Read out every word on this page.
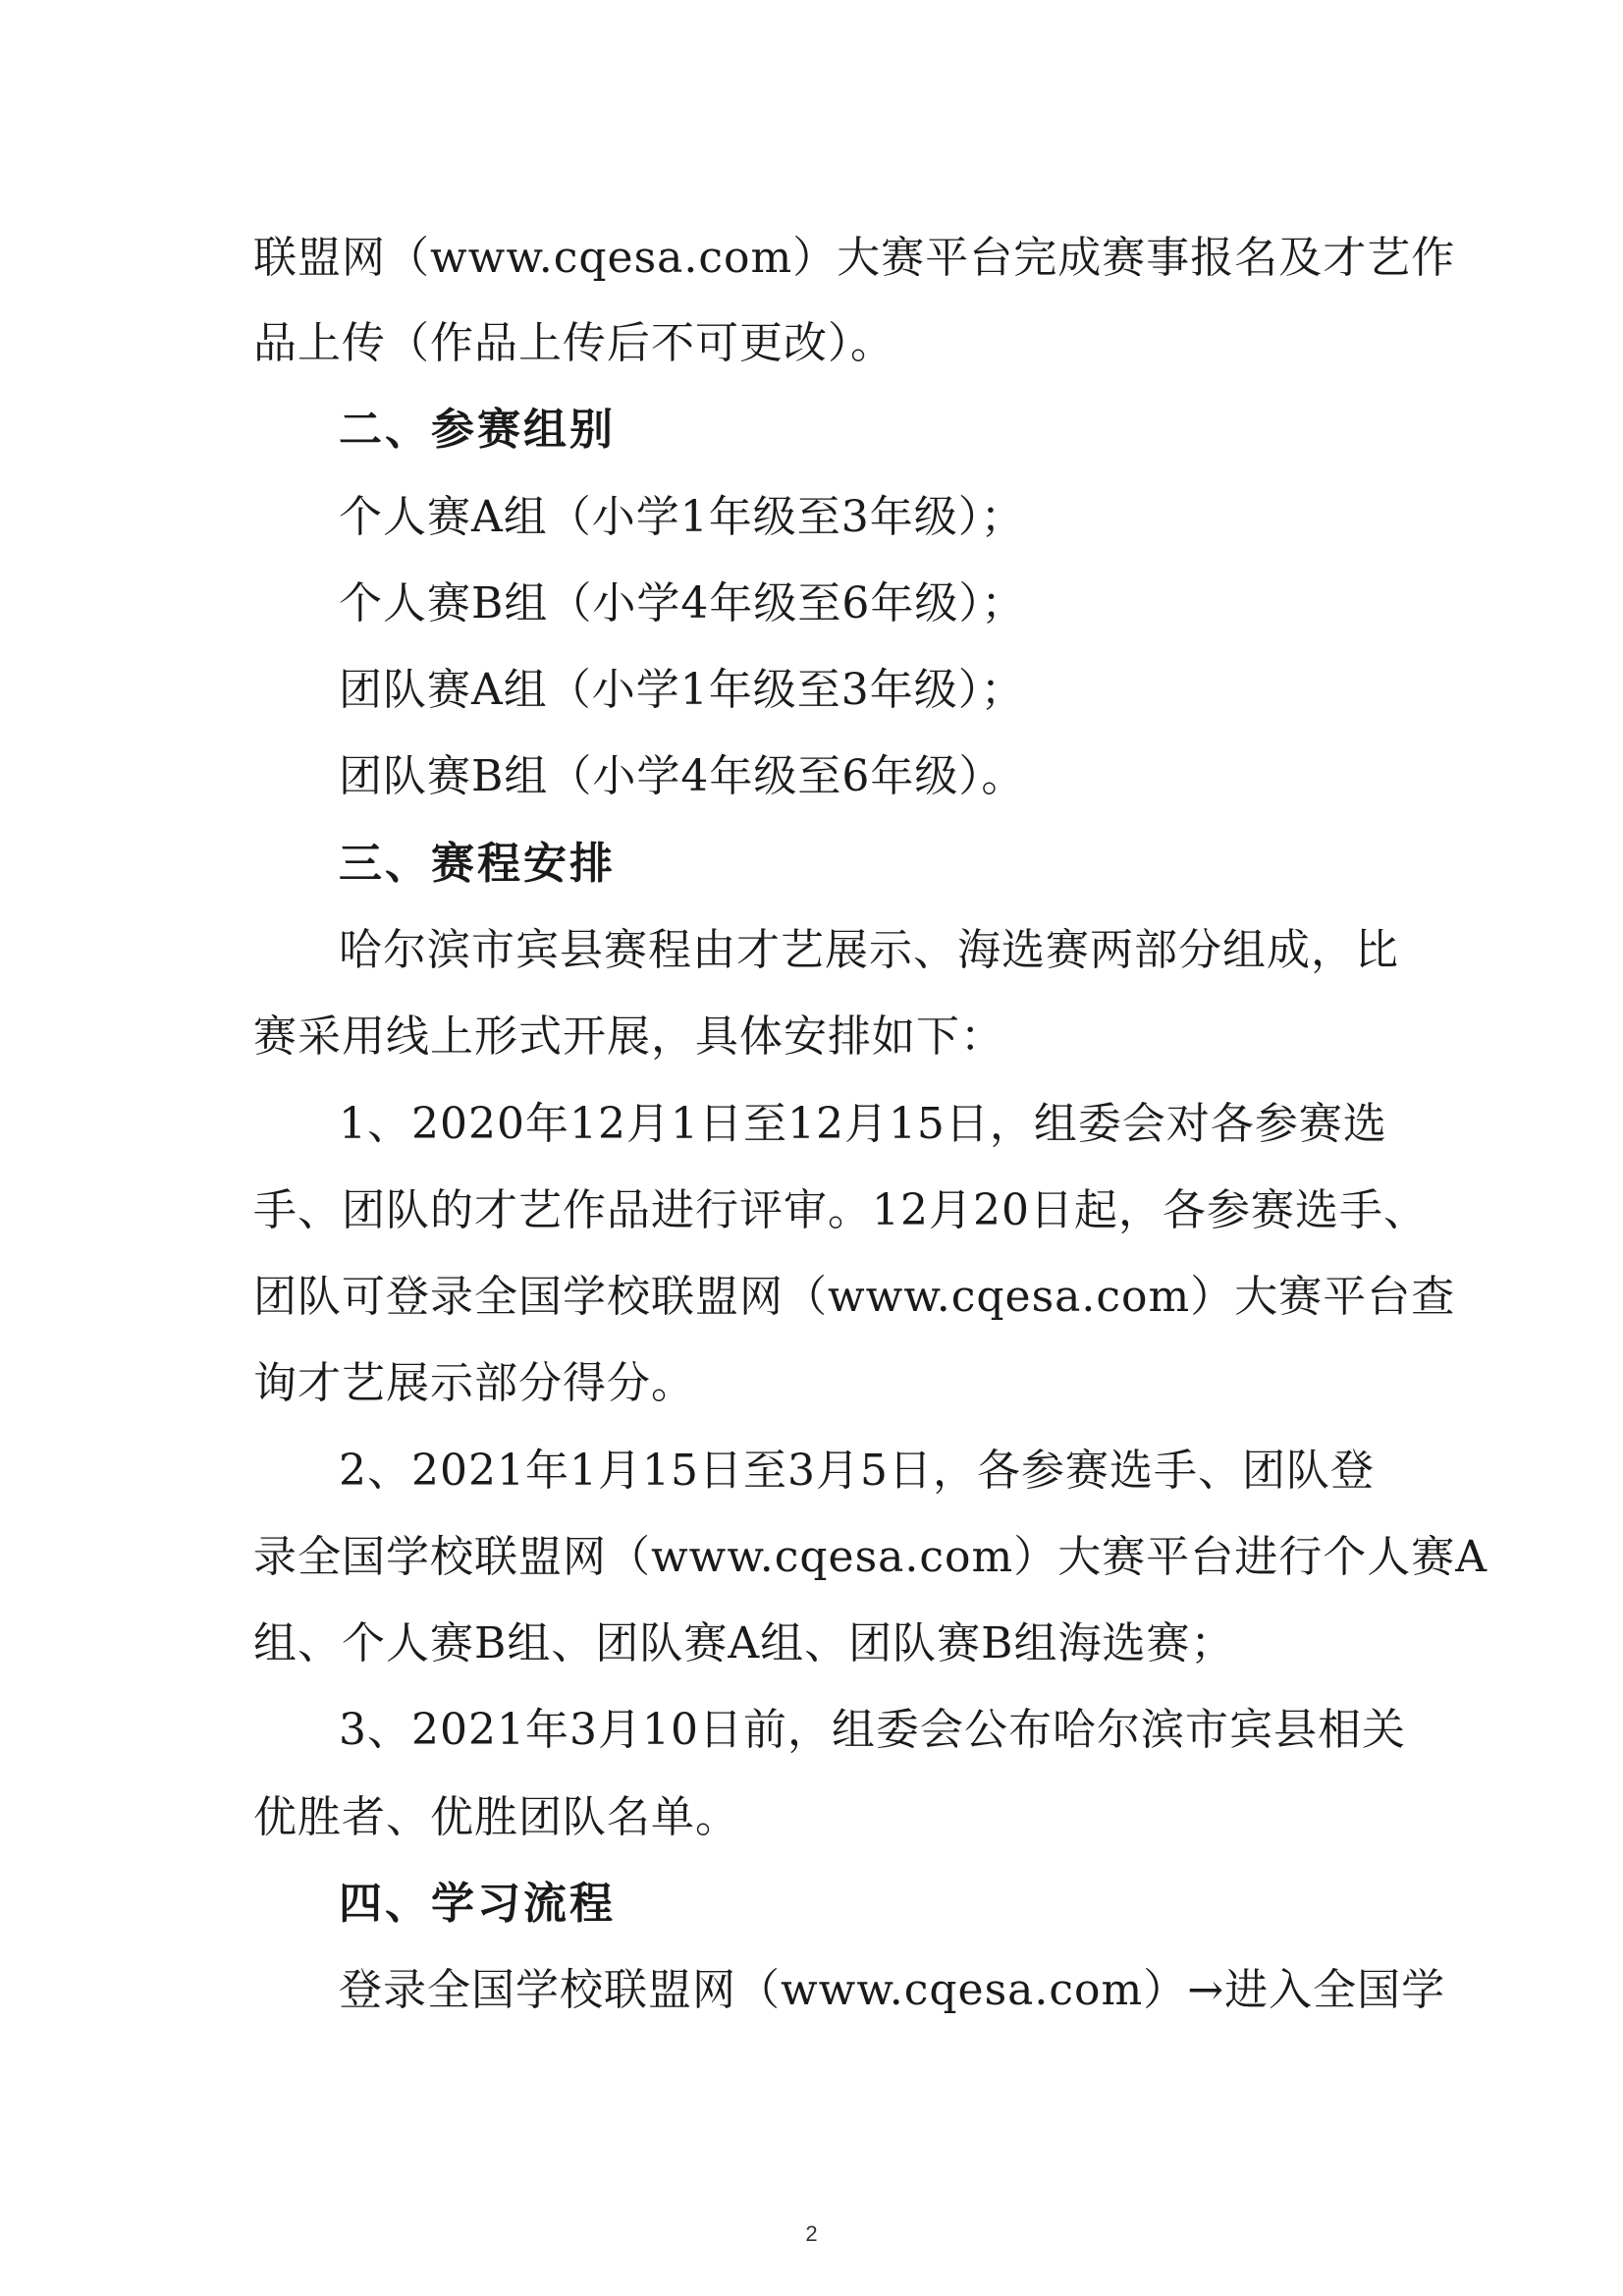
联盟网（www.cqesa.com）大赛平台完成赛事报名及才艺作
品上传（作品上传后不可更改）。
二、参赛组别
个人赛A组（小学1年级至3年级）；
个人赛B组（小学4年级至6年级）；
团队赛A组（小学1年级至3年级）；
团队赛B组（小学4年级至6年级）。
三、赛程安排
哈尔滨市宾县赛程由才艺展示、海选赛两部分组成，比
赛采用线上形式开展，具体安排如下：
1、2020年12月1日至12月15日，组委会对各参赛选
手、团队的才艺作品进行评审。12月20日起，各参赛选手、
团队可登录全国学校联盟网（www.cqesa.com）大赛平台查
询才艺展示部分得分。
2、2021年1月15日至3月5日，各参赛选手、团队登
录全国学校联盟网（www.cqesa.com）大赛平台进行个人赛A
组、个人赛B组、团队赛A组、团队赛B组海选赛；
3、2021年3月10日前，组委会公布哈尔滨市宾县相关
优胜者、优胜团队名单。
四、学习流程
登录全国学校联盟网（www.cqesa.com）→进入全国学
2
